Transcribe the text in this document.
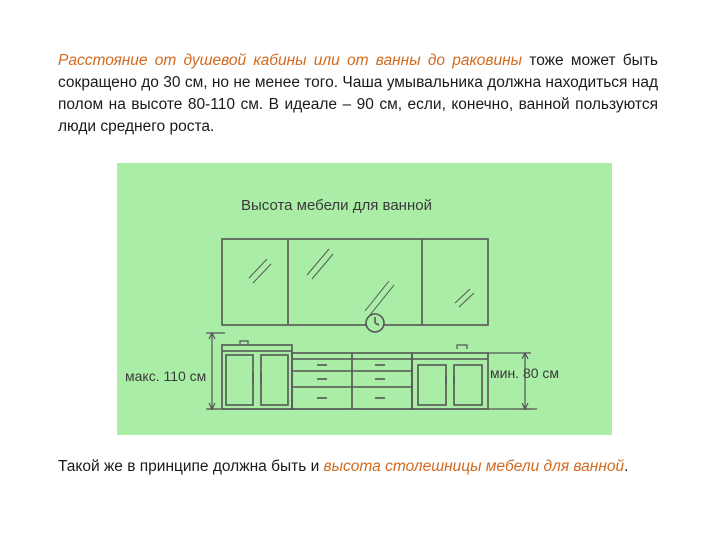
Расстояние от душевой кабины или от ванны до раковины тоже может быть сокращено до 30 см, но не менее того. Чаша умывальника должна находиться над полом на высоте 80-110 см. В идеале – 90 см, если, конечно, ванной пользуются люди среднего роста.
Высота мебели для ванной
макс. 110 см	мин. 80 см
Такой же в принципе должна быть и высота столешницы мебели для ванной.
